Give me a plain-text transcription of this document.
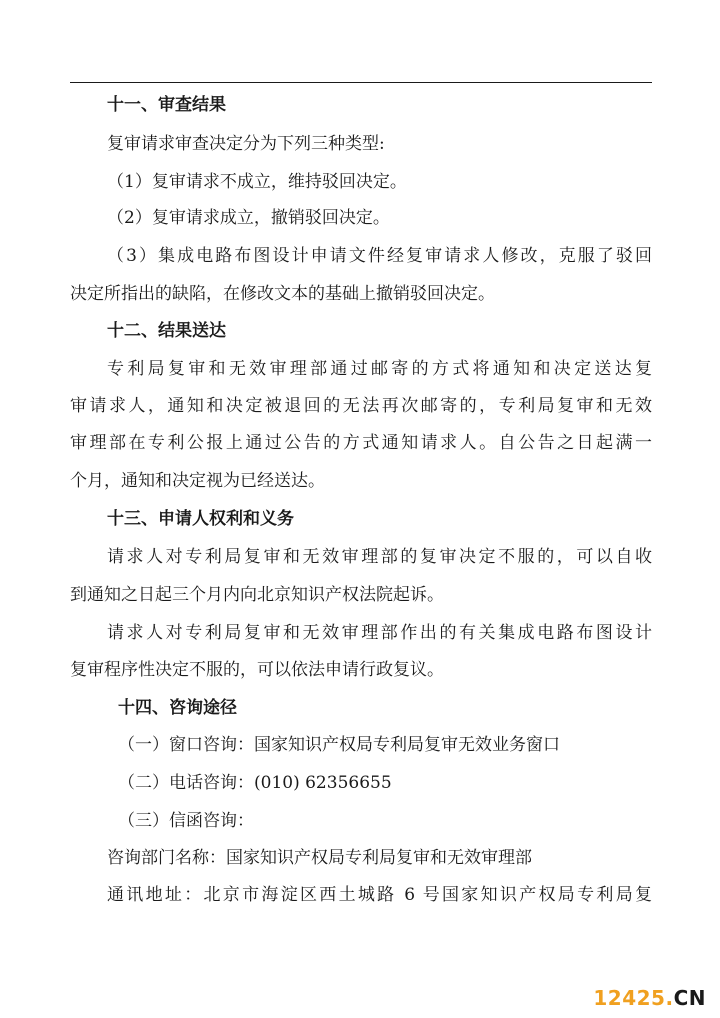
十一、审查结果
复审请求审查决定分为下列三种类型:
（1）复审请求不成立，维持驳回决定。
（2）复审请求成立，撤销驳回决定。
（3）集成电路布图设计申请文件经复审请求人修改，克服了驳回
决定所指出的缺陷，在修改文本的基础上撤销驳回决定。
十二、结果送达
专利局复审和无效审理部通过邮寄的方式将通知和决定送达复
审请求人，通知和决定被退回的无法再次邮寄的，专利局复审和无效
审理部在专利公报上通过公告的方式通知请求人。自公告之日起满一
个月，通知和决定视为已经送达。
十三、申请人权利和义务
请求人对专利局复审和无效审理部的复审决定不服的，可以自收
到通知之日起三个月内向北京知识产权法院起诉。
请求人对专利局复审和无效审理部作出的有关集成电路布图设计
复审程序性决定不服的，可以依法申请行政复议。
十四、咨询途径
（一）窗口咨询：国家知识产权局专利局复审无效业务窗口
（二）电话咨询：(010) 62356655
（三）信函咨询：
咨询部门名称：国家知识产权局专利局复审和无效审理部
通讯地址：北京市海淀区西土城路 6 号国家知识产权局专利局复
12425.CN
